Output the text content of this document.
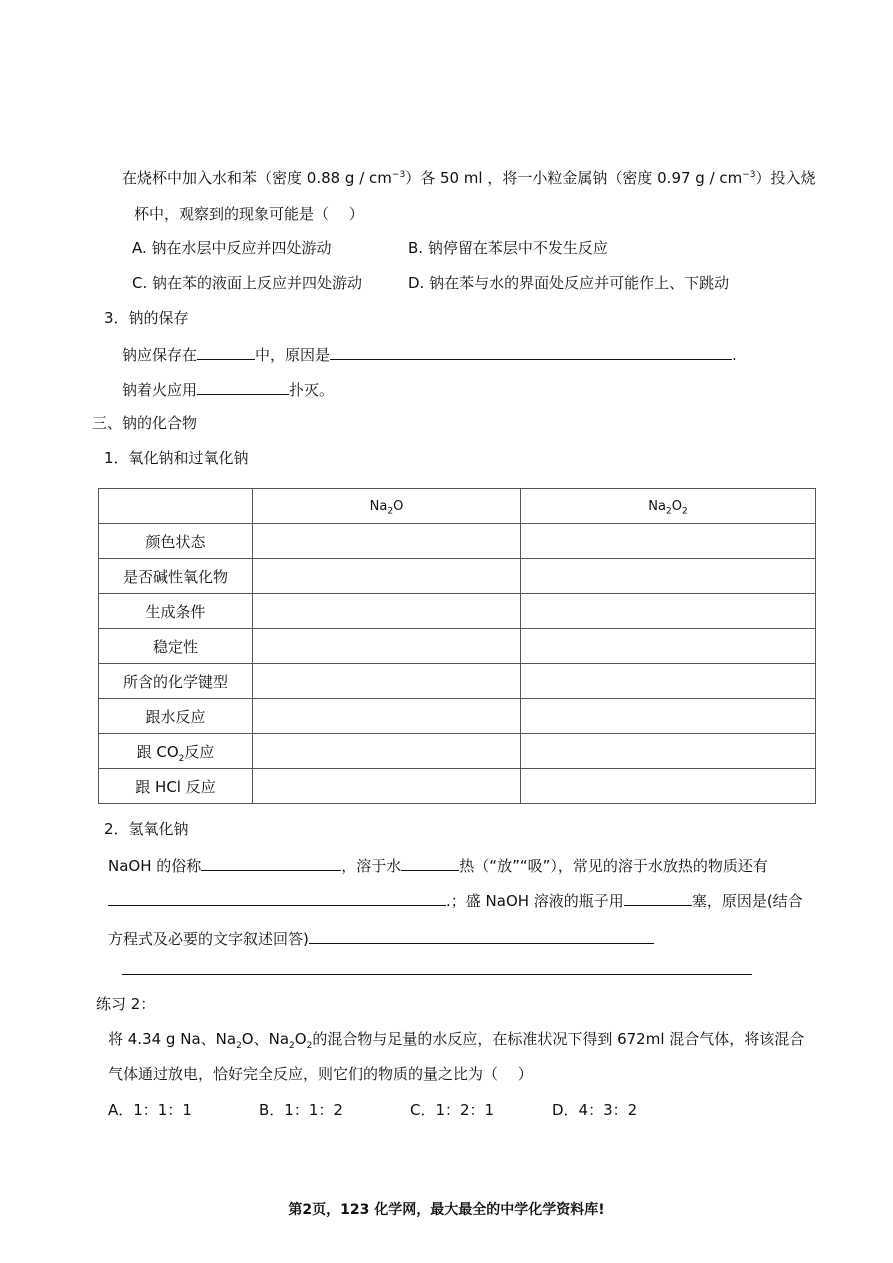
在烧杯中加入水和苯（密度 0.88 g / $cm^{-3}$）各 50 ml ，将一小粒金属钠（密度 0.97 g / $cm^{-3}$）投入烧
杯中，观察到的现象可能是（　 ）
A. 钠在水层中反应并四处游动	B. 钠停留在苯层中不发生反应
C. 钠在苯的液面上反应并四处游动	D. 钠在苯与水的界面处反应并可能作上、下跳动
3．钠的保存
钠应保存在	中，原因是	.
钠着火应用	扑灭。
三、钠的化合物
1．氧化钠和过氧化钠
	$Na_2O$	$Na_2O_2$
颜色状态		
是否碱性氧化物		
生成条件		
稳定性		
所含的化学键型		
跟水反应		
跟 $CO_2$反应		
跟 HCl 反应		
2．氢氧化钠
NaOH 的俗称	，溶于水	热（“放”“吸”），常见的溶于水放热的物质还有
.；盛 NaOH 溶液的瓶子用	塞，原因是(结合
方程式及必要的文字叙述回答)
练习 2：
将 4.34 g Na、$Na_2O$、$Na_2O_2$的混合物与足量的水反应，在标准状况下得到 672ml 混合气体，将该混合
气体通过放电，恰好完全反应，则它们的物质的量之比为（　 ）
A．1：1：1	B．1：1：2	C．1：2：1	D．4：3：2
第2页，123 化学网，最大最全的中学化学资料库!
